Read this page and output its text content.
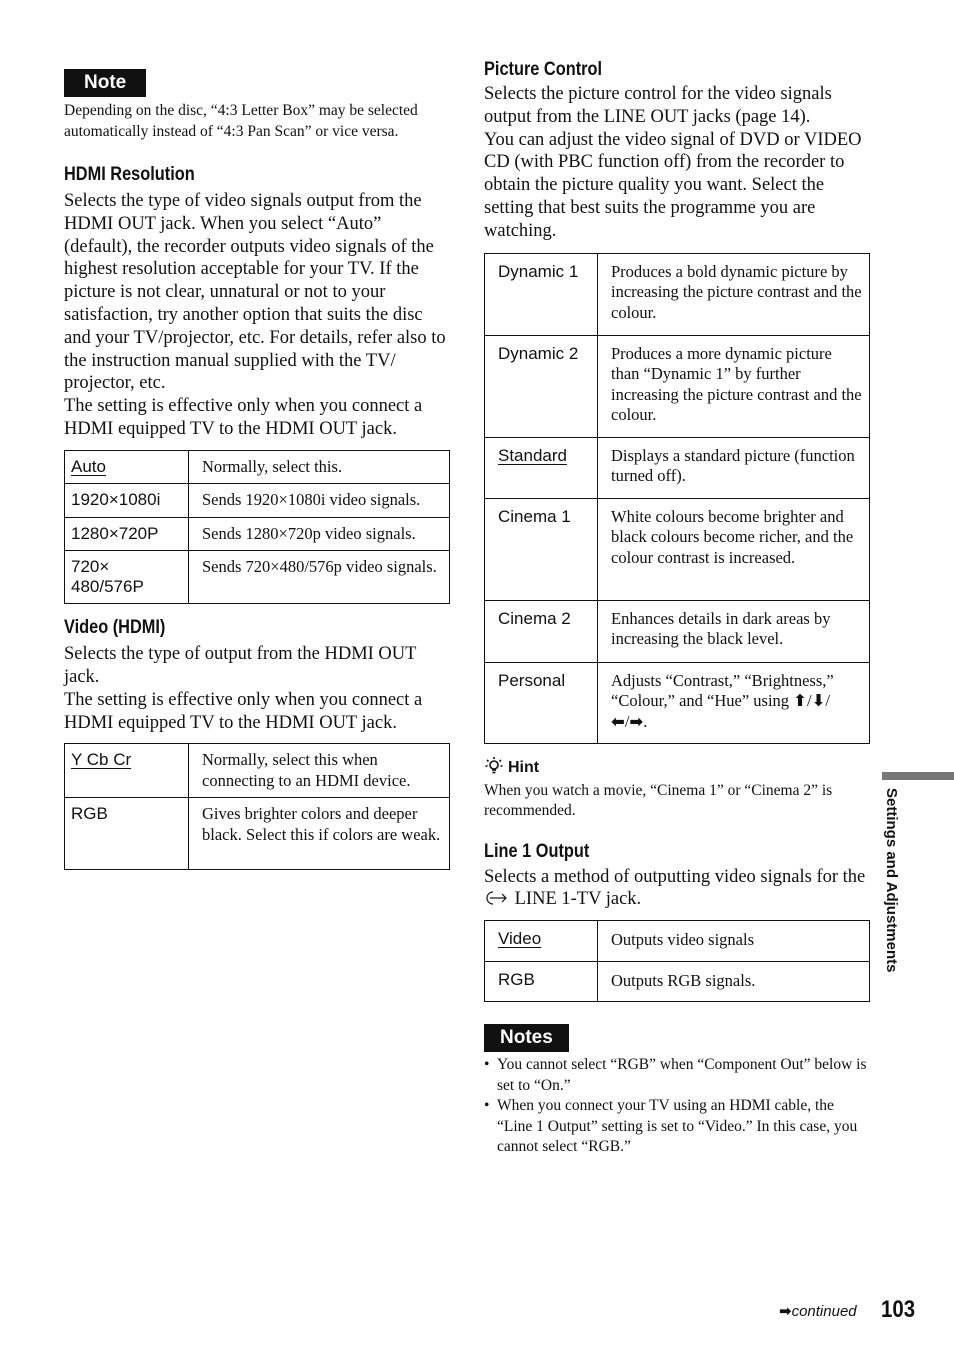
Note

Depending on the disc, “4:3 Letter Box” may be selected automatically instead of “4:3 Pan Scan” or vice versa.

HDMI Resolution

Selects the type of video signals output from the HDMI OUT jack. When you select “Auto” (default), the recorder outputs video signals of the highest resolution acceptable for your TV. If the picture is not clear, unnatural or not to your satisfaction, try another option that suits the disc and your TV/projector, etc. For details, refer also to the instruction manual supplied with the TV/ projector, etc.

The setting is effective only when you connect a HDMI equipped TV to the HDMI OUT jack.

Auto	Normally, select this.
1920×1080i	Sends 1920×1080i video signals.
1280×720P	Sends 1280×720p video signals.
720× 480/576P	Sends 720×480/576p video signals.
Video (HDMI)

Selects the type of output from the HDMI OUT jack.

The setting is effective only when you connect a HDMI equipped TV to the HDMI OUT jack.

Y Cb Cr	Normally, select this when connecting to an HDMI device.
RGB	Gives brighter colors and deeper black. Select this if colors are weak.
Picture Control

Selects the picture control for the video signals output from the LINE OUT jacks (page 14).

You can adjust the video signal of DVD or VIDEO CD (with PBC function off) from the recorder to obtain the picture quality you want. Select the setting that best suits the programme you are watching.

Dynamic 1	Produces a bold dynamic picture by increasing the picture contrast and the colour.
Dynamic 2	Produces a more dynamic picture than “Dynamic 1” by further increasing the picture contrast and the colour.
Standard	Displays a standard picture (function turned off).
Cinema 1	White colours become brighter and black colours become richer, and the colour contrast is increased.
Cinema 2	Enhances details in dark areas by increasing the black level.
Personal	Adjusts “Contrast,” “Brightness,” “Colour,” and “Hue” using ⬆/⬇/
⬅/➡.
Hint

When you watch a movie, “Cinema 1” or “Cinema 2” is recommended.

Line 1 Output

Selects a method of outputting video signals for the  LINE 1-TV jack.

Video	Outputs video signals
RGB	Outputs RGB signals.
Notes
• You cannot select “RGB” when “Component Out” below is set to “On.”
• When you connect your TV using an HDMI cable, the “Line 1 Output” setting is set to “Video.” In this case, you cannot select “RGB.”
Settings and Adjustments
➡continued 103
